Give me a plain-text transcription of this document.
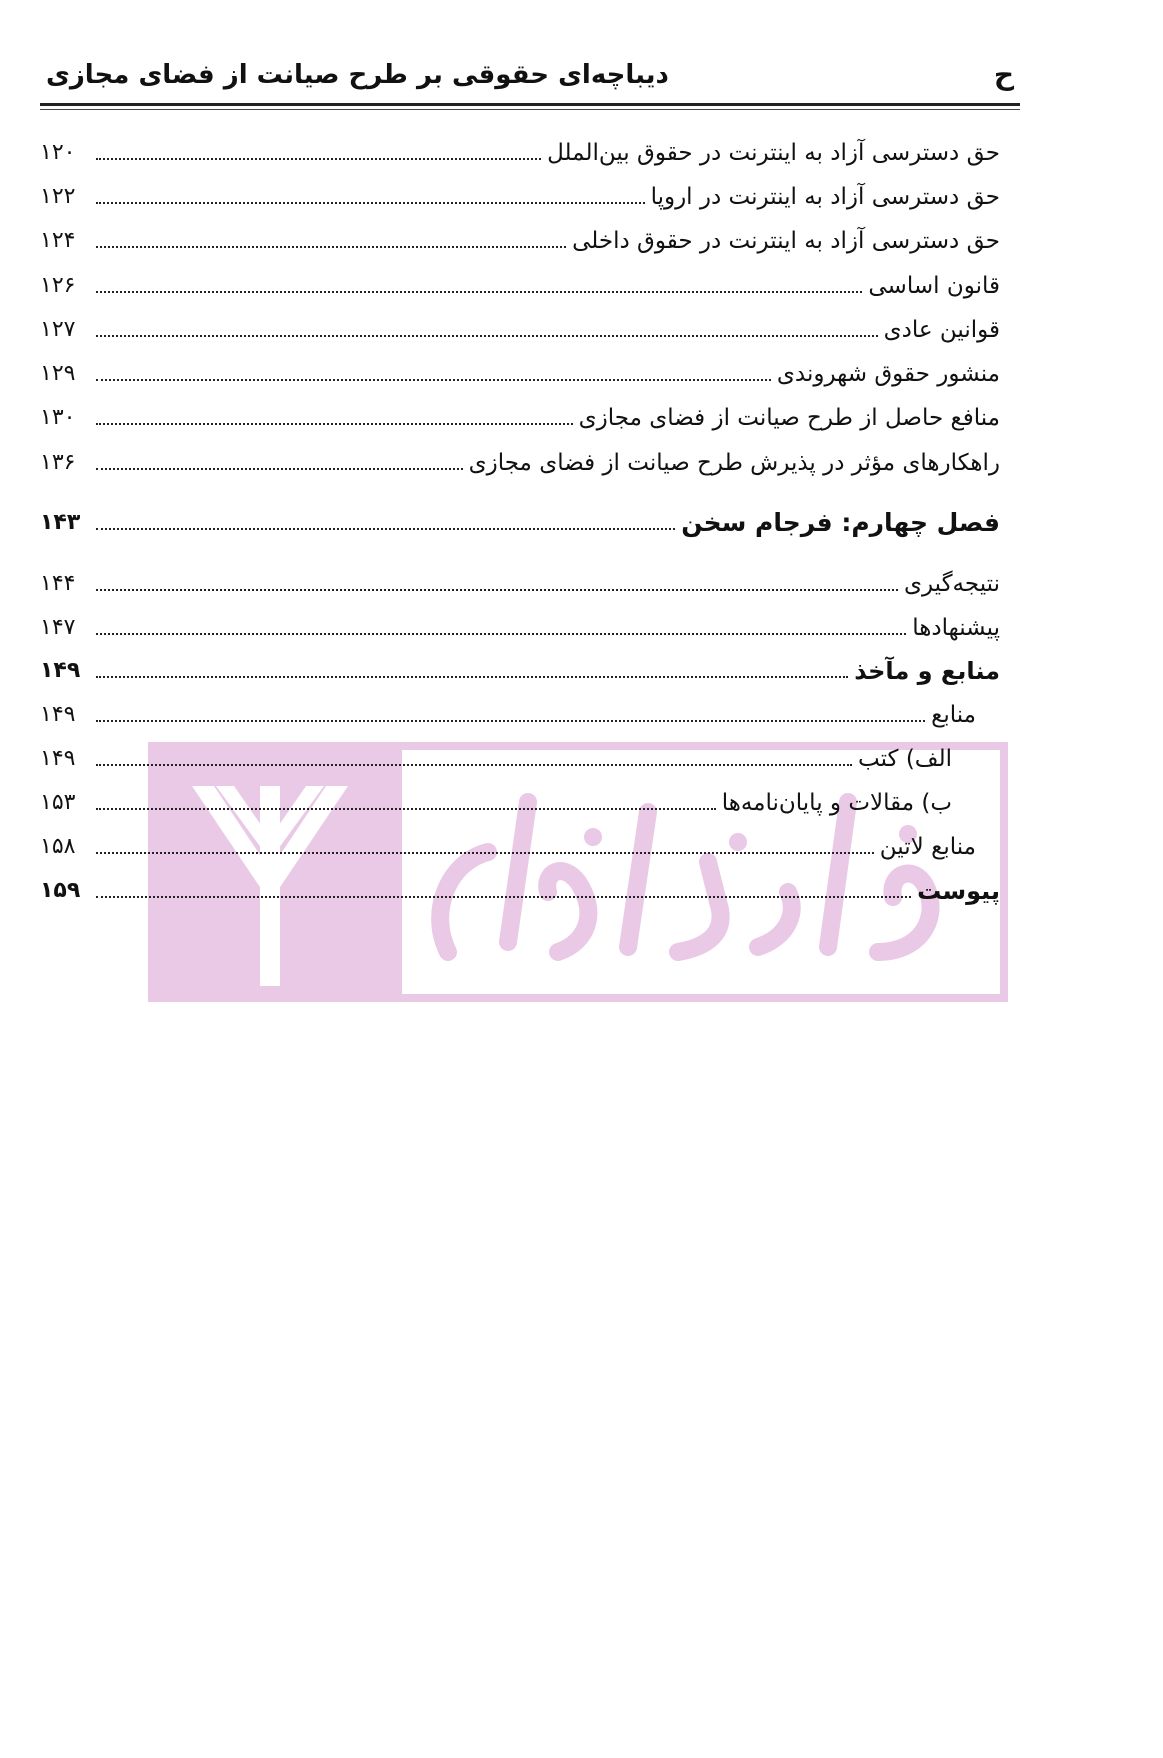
دیباچه‌ای حقوقی بر طرح صیانت از فضای مجازی	ح
حق دسترسی آزاد به اینترنت در حقوق بین‌الملل
۱۲۰
حق دسترسی آزاد به اینترنت در اروپا
۱۲۲
حق دسترسی آزاد به اینترنت در حقوق داخلی
۱۲۴
قانون اساسی
۱۲۶
قوانین عادی
۱۲۷
منشور حقوق شهروندی
۱۲۹
منافع حاصل از طرح صیانت از فضای مجازی
۱۳۰
راهکارهای مؤثر در پذیرش طرح صیانت از فضای مجازی
۱۳۶
فصل چهارم: فرجام سخن
۱۴۳
نتیجه‌گیری
۱۴۴
پیشنهادها
۱۴۷
منابع و مآخذ
۱۴۹
منابع
۱۴۹
الف) کتب
۱۴۹
ب) مقالات و پایان‌نامه‌ها
۱۵۳
منابع لاتین
۱۵۸
پیوست
۱۵۹
